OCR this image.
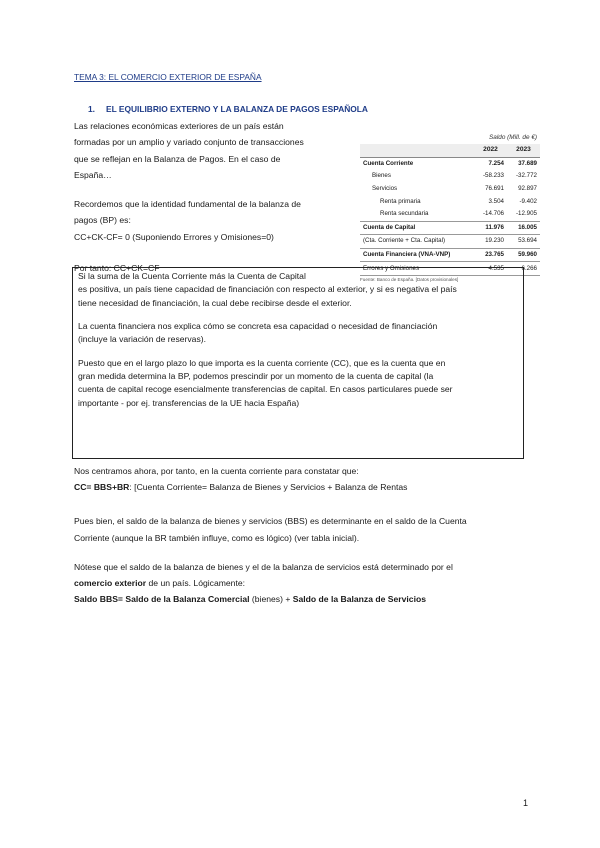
TEMA 3: EL COMERCIO EXTERIOR DE ESPAÑA
1. EL EQUILIBRIO EXTERNO Y LA BALANZA DE PAGOS ESPAÑOLA
Las relaciones económicas exteriores de un país están
formadas por un amplio y variado conjunto de transacciones
que se reflejan en la Balanza de Pagos. En el caso de
España…
Recordemos que la identidad fundamental de la balanza de
pagos (BP) es:
CC+CK-CF= 0 (Suponiendo Errores y Omisiones=0)
Por tanto: CC+CK=CF
	Saldo (Mill. de €)	
	2022	2023
Cuenta Corriente	7.254	37.689
Bienes	-58.233	-32.772
Servicios	76.691	92.897
Renta primaria	3.504	-9.402
Renta secundaria	-14.706	-12.905
Cuenta de Capital	11.976	16.005
(Cta. Corriente + Cta. Capital)	19.230	53.694
Cuenta Financiera (VNA-VNP)	23.765	59.960
Errores y Omisiones	4.535	6.266
Fuente: Banco de España. [Datos provisionales]

Si la suma de la Cuenta Corriente más la Cuenta de Capital
es positiva, un país tiene capacidad de financiación con respecto al exterior, y si es negativa el país
tiene necesidad de financiación, la cual debe recibirse desde el exterior.

La cuenta financiera nos explica cómo se concreta esa capacidad o necesidad de financiación
(incluye la variación de reservas).

Puesto que en el largo plazo lo que importa es la cuenta corriente (CC), que es la cuenta que en
gran medida determina la BP, podemos prescindir por un momento de la cuenta de capital (la
cuenta de capital recoge esencialmente transferencias de capital. En casos particulares puede ser
importante - por ej. transferencias de la UE hacia España)

Nos centramos ahora, por tanto, en la cuenta corriente para constatar que:
CC= BBS+BR: [Cuenta Corriente= Balanza de Bienes y Servicios + Balanza de Rentas
Pues bien, el saldo de la balanza de bienes y servicios (BBS) es determinante en el saldo de la Cuenta
Corriente (aunque la BR también influye, como es lógico) (ver tabla inicial).
Nótese que el saldo de la balanza de bienes y el de la balanza de servicios está determinado por el
comercio exterior de un país. Lógicamente:
Saldo BBS= Saldo de la Balanza Comercial (bienes) + Saldo de la Balanza de Servicios
1
